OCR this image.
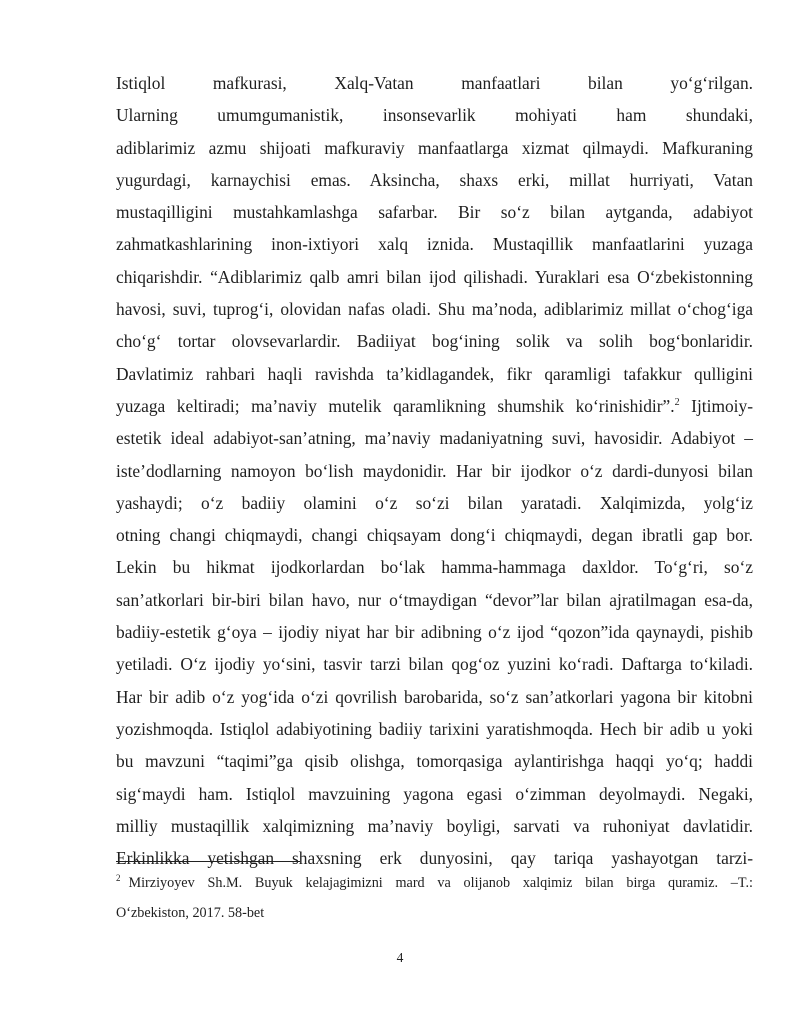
Istiqlol mafkurasi, Xalq-Vatan manfaatlari bilan yo‘g‘rilgan.
Ularning umumgumanistik, insonsevarlik mohiyati ham shundaki,
adiblarimiz azmu shijoati mafkuraviy manfaatlarga xizmat qilmaydi. Mafkuraning
yugurdagi, karnaychisi emas. Aksincha, shaxs erki, millat hurriyati, Vatan
mustaqilligini mustahkamlashga safarbar. Bir so‘z bilan aytganda, adabiyot
zahmatkashlarining inon-ixtiyori xalq iznida. Mustaqillik manfaatlarini yuzaga
chiqarishdir. “Adiblarimiz qalb amri bilan ijod qilishadi. Yuraklari esa O‘zbekistonning
havosi, suvi, tuprog‘i, olovidan nafas oladi. Shu ma’noda, adiblarimiz millat o‘chog‘iga
cho‘g‘ tortar olovsevarlardir. Badiiyat bog‘ining solik va solih bog‘bonlaridir.
Davlatimiz rahbari haqli ravishda ta’kidlagandek, fikr qaramligi tafakkur qulligini
yuzaga keltiradi; ma’naviy mutelik qaramlikning shumshik ko‘rinishidir”.$^2$ Ijtimoiy-
estetik ideal adabiyot-san’atning, ma’naviy madaniyatning suvi, havosidir. Adabiyot –
iste’dodlarning namoyon bo‘lish maydonidir. Har bir ijodkor o‘z dardi-dunyosi bilan
yashaydi; o‘z badiiy olamini o‘z so‘zi bilan yaratadi. Xalqimizda, yolg‘iz
otning changi chiqmaydi, changi chiqsayam dong‘i chiqmaydi, degan ibratli gap bor.
Lekin bu hikmat ijodkorlardan bo‘lak hamma-hammaga daxldor. To‘g‘ri, so‘z
san’atkorlari bir-biri bilan havo, nur o‘tmaydigan “devor”lar bilan ajratilmagan esa-da,
badiiy-estetik g‘oya – ijodiy niyat har bir adibning o‘z ijod “qozon”ida qaynaydi, pishib
yetiladi. O‘z ijodiy yo‘sini, tasvir tarzi bilan qog‘oz yuzini ko‘radi. Daftarga to‘kiladi.
Har bir adib o‘z yog‘ida o‘zi qovrilish barobarida, so‘z san’atkorlari yagona bir kitobni
yozishmoqda. Istiqlol adabiyotining badiiy tarixini yaratishmoqda. Hech bir adib u yoki
bu mavzuni “taqimi”ga qisib olishga, tomorqasiga aylantirishga haqqi yo‘q; haddi
sig‘maydi ham. Istiqlol mavzuining yagona egasi o‘zimman deyolmaydi. Negaki,
milliy mustaqillik xalqimizning ma’naviy boyligi, sarvati va ruhoniyat davlatidir.
Erkinlikka yetishgan shaxsning erk dunyosini, qay tariqa yashayotgan tarzi-
$^2$ Mirziyoyev Sh.M. Buyuk kelajagimizni mard va olijanob xalqimiz bilan birga quramiz. –T.:
O‘zbekiston, 2017. 58-bet
4
